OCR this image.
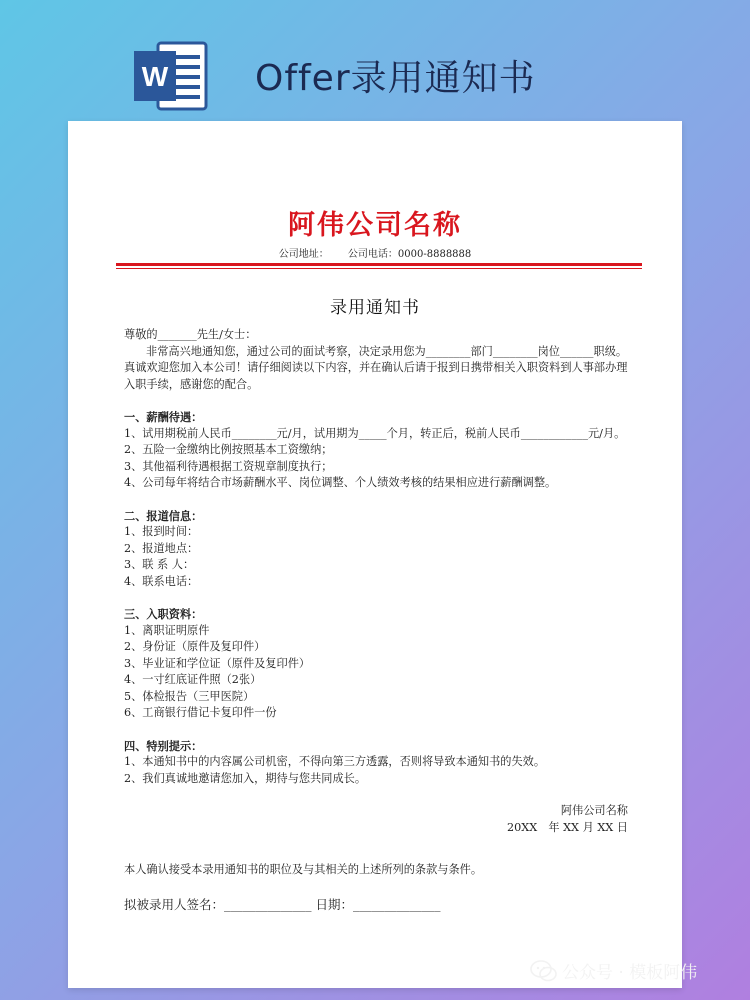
W Offer录用通知书
阿伟公司名称
公司地址： 公司电话：0000-8888888
录用通知书

尊敬的_______先生/女士：

非常高兴地通知您，通过公司的面试考察，决定录用您为________部门________岗位______职级。真诚欢迎您加入本公司！请仔细阅读以下内容，并在确认后请于报到日携带相关入职资料到人事部办理入职手续，感谢您的配合。

一、薪酬待遇：

1、试用期税前人民币________元/月，试用期为_____个月，转正后，税前人民币____________元/月。

2、五险一金缴纳比例按照基本工资缴纳；

3、其他福利待遇根据工资规章制度执行；

4、公司每年将结合市场薪酬水平、岗位调整、个人绩效考核的结果相应进行薪酬调整。

二、报道信息：

1、报到时间：

2、报道地点：

3、联 系 人：

4、联系电话：

三、入职资料：

1、离职证明原件

2、身份证（原件及复印件）

3、毕业证和学位证（原件及复印件）

4、一寸红底证件照（2张）

5、体检报告（三甲医院）

6、工商银行借记卡复印件一份

四、特别提示：

1、本通知书中的内容属公司机密，不得向第三方透露，否则将导致本通知书的失效。

2、我们真诚地邀请您加入，期待与您共同成长。

阿伟公司名称

20XX　年 XX 月 XX 日

本人确认接受本录用通知书的职位及与其相关的上述所列的条款与条件。

拟被录用人签名：______________ 日期：______________

公众号 · 模板阿伟
